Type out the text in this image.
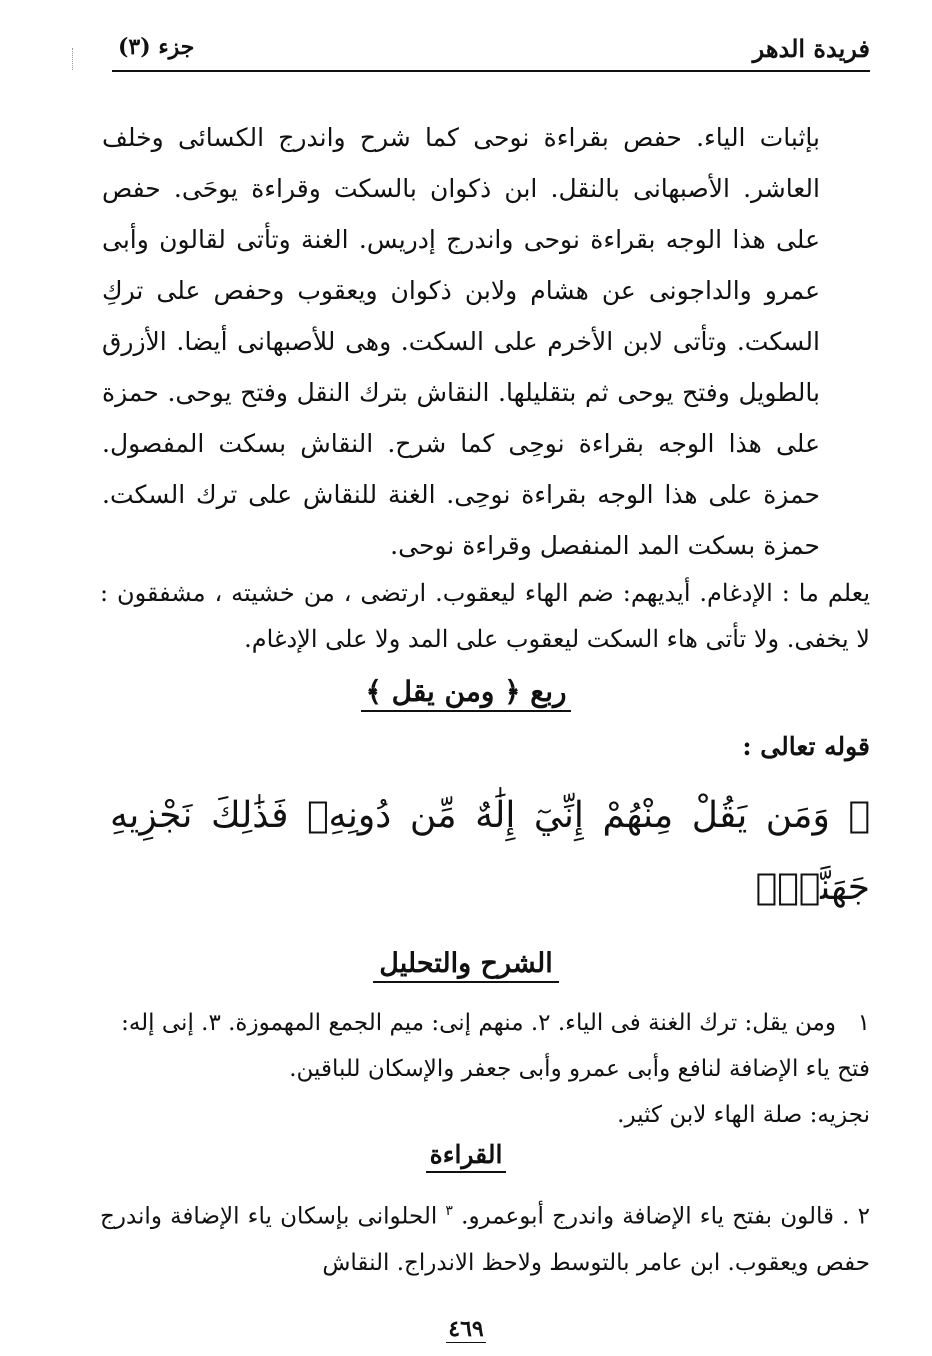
فريدة الدهر
جزء (٣)
بإثبات الياء. حفص بقراءة نوحى كما شرح واندرج الكسائى وخلف العاشر. الأصبهانى بالنقل. ابن ذكوان بالسكت وقراءة يوحَى. حفص على هذا الوجه بقراءة نوحى واندرج إدريس. الغنة وتأتى لقالون وأبى عمرو والداجونى عن هشام ولابن ذكوان ويعقوب وحفص على تركِ السكت. وتأتى لابن الأخرم على السكت. وهى للأصبهانى أيضا. الأزرق بالطويل وفتح يوحى ثم بتقليلها. النقاش بترك النقل وفتح يوحى. حمزة على هذا الوجه بقراءة نوحِى كما شرح. النقاش بسكت المفصول. حمزة على هذا الوجه بقراءة نوحِى. الغنة للنقاش على ترك السكت. حمزة بسكت المد المنفصل وقراءة نوحى.
يعلم ما : الإدغام. أيديهم: ضم الهاء ليعقوب. ارتضى ، من خشيته ، مشفقون : لا يخفى. ولا تأتى هاء السكت ليعقوب على المد ولا على الإدغام.
ربع ﴿ ومن يقل ﴾
قوله تعالى :
﴿ وَمَن يَقُلْ مِنْهُمْ إِنِّيٓ إِلَٰهٌ مِّن دُونِهِۦ فَذَٰلِكَ نَجْزِيهِ جَهَنَّمَۚ
الشرح والتحليل
١ومن يقل: ترك الغنة فى الياء. ٢. منهم إنى: ميم الجمع المهموزة. ٣. إنى إله: فتح ياء الإضافة لنافع وأبى عمرو وأبى جعفر والإسكان للباقين.
نجزيه: صلة الهاء لابن كثير.
القراءة
٢ . قالون بفتح ياء الإضافة واندرج أبوعمرو. $^٣$ الحلوانى بإسكان ياء الإضافة واندرج حفص ويعقوب. ابن عامر بالتوسط ولاحظ الاندراج. النقاش
٤٦٩
